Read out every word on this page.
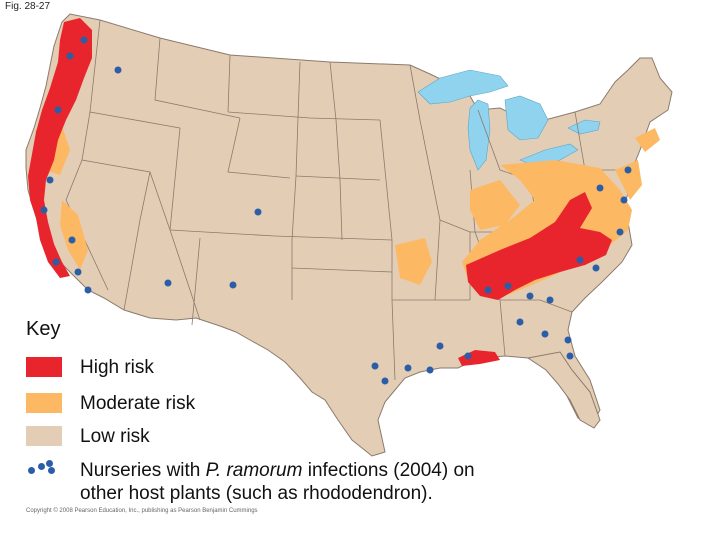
Fig. 28-27
Key
High risk
Moderate risk
Low risk
Nurseries with P. ramorum infections (2004) on
other host plants (such as rhododendron).
Copyright © 2008 Pearson Education, Inc., publishing as Pearson Benjamin Cummings
